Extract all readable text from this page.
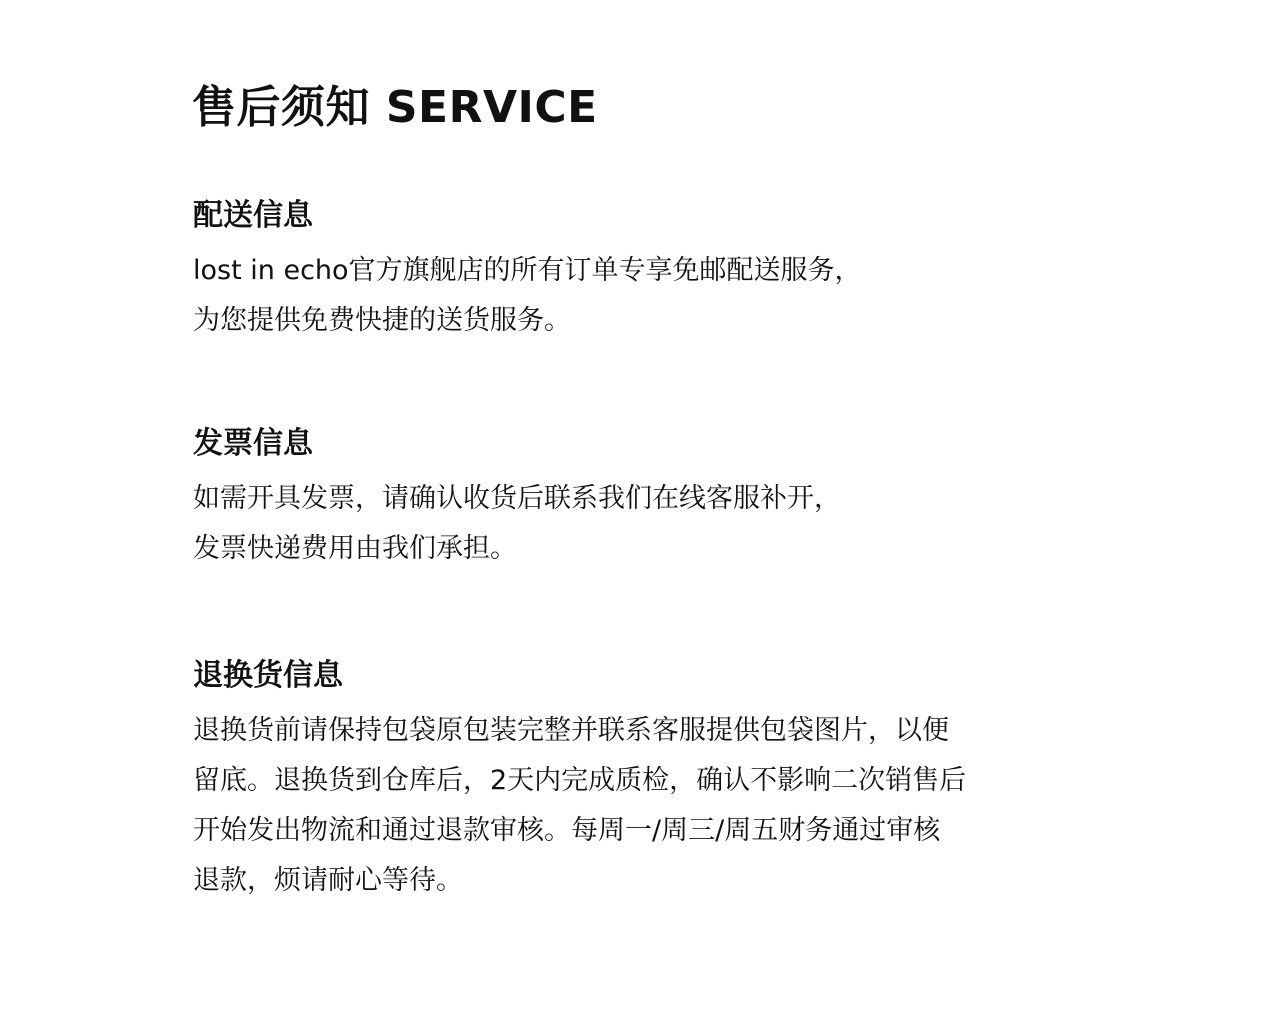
售后须知 SERVICE
配送信息
lost in echo官方旗舰店的所有订单专享免邮配送服务，
为您提供免费快捷的送货服务。
发票信息
如需开具发票，请确认收货后联系我们在线客服补开，
发票快递费用由我们承担。
退换货信息
退换货前请保持包袋原包装完整并联系客服提供包袋图片，以便
留底。退换货到仓库后，2天内完成质检，确认不影响二次销售后
开始发出物流和通过退款审核。每周一/周三/周五财务通过审核
退款，烦请耐心等待。
